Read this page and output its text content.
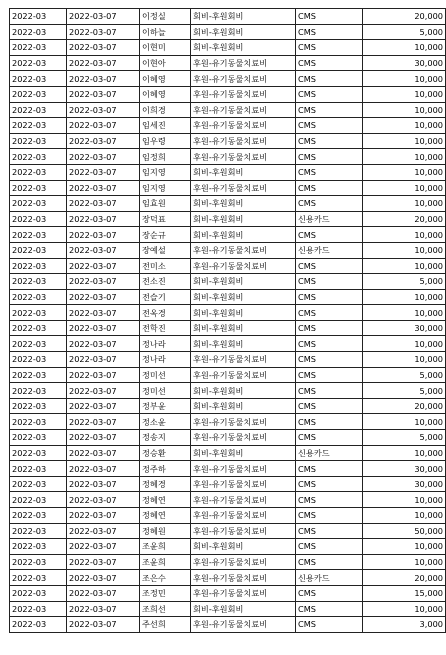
2022-03	2022-03-07	이정실	회비-후원회비	CMS	20,000
2022-03	2022-03-07	이하늘	회비-후원회비	CMS	5,000
2022-03	2022-03-07	이현미	회비-후원회비	CMS	10,000
2022-03	2022-03-07	이현아	후원-유기동물치료비	CMS	30,000
2022-03	2022-03-07	이혜영	후원-유기동물치료비	CMS	10,000
2022-03	2022-03-07	이혜영	후원-유기동물치료비	CMS	10,000
2022-03	2022-03-07	이희경	후원-유기동물치료비	CMS	10,000
2022-03	2022-03-07	임세진	후원-유기동물치료비	CMS	10,000
2022-03	2022-03-07	임우령	후원-유기동물치료비	CMS	10,000
2022-03	2022-03-07	임정희	후원-유기동물치료비	CMS	10,000
2022-03	2022-03-07	임지영	회비-후원회비	CMS	10,000
2022-03	2022-03-07	임지영	후원-유기동물치료비	CMS	10,000
2022-03	2022-03-07	임효원	회비-후원회비	CMS	10,000
2022-03	2022-03-07	장덕표	회비-후원회비	신용카드	20,000
2022-03	2022-03-07	장순규	회비-후원회비	CMS	10,000
2022-03	2022-03-07	장예설	후원-유기동물치료비	신용카드	10,000
2022-03	2022-03-07	전미소	후원-유기동물치료비	CMS	10,000
2022-03	2022-03-07	전소진	회비-후원회비	CMS	5,000
2022-03	2022-03-07	전슬기	회비-후원회비	CMS	10,000
2022-03	2022-03-07	전옥경	회비-후원회비	CMS	10,000
2022-03	2022-03-07	전학진	회비-후원회비	CMS	30,000
2022-03	2022-03-07	정나라	회비-후원회비	CMS	10,000
2022-03	2022-03-07	정나라	후원-유기동물치료비	CMS	10,000
2022-03	2022-03-07	정미선	후원-유기동물치료비	CMS	5,000
2022-03	2022-03-07	정미선	회비-후원회비	CMS	5,000
2022-03	2022-03-07	정부윤	회비-후원회비	CMS	20,000
2022-03	2022-03-07	정소윤	후원-유기동물치료비	CMS	10,000
2022-03	2022-03-07	정송지	후원-유기동물치료비	CMS	5,000
2022-03	2022-03-07	정승환	회비-후원회비	신용카드	10,000
2022-03	2022-03-07	정주하	후원-유기동물치료비	CMS	30,000
2022-03	2022-03-07	정혜경	후원-유기동물치료비	CMS	30,000
2022-03	2022-03-07	정혜연	후원-유기동물치료비	CMS	10,000
2022-03	2022-03-07	정혜연	후원-유기동물치료비	CMS	10,000
2022-03	2022-03-07	정혜원	후원-유기동물치료비	CMS	50,000
2022-03	2022-03-07	조윤희	회비-후원회비	CMS	10,000
2022-03	2022-03-07	조윤희	후원-유기동물치료비	CMS	10,000
2022-03	2022-03-07	조은수	후원-유기동물치료비	신용카드	20,000
2022-03	2022-03-07	조정민	후원-유기동물치료비	CMS	15,000
2022-03	2022-03-07	조희선	회비-후원회비	CMS	10,000
2022-03	2022-03-07	주선희	후원-유기동물치료비	CMS	3,000
